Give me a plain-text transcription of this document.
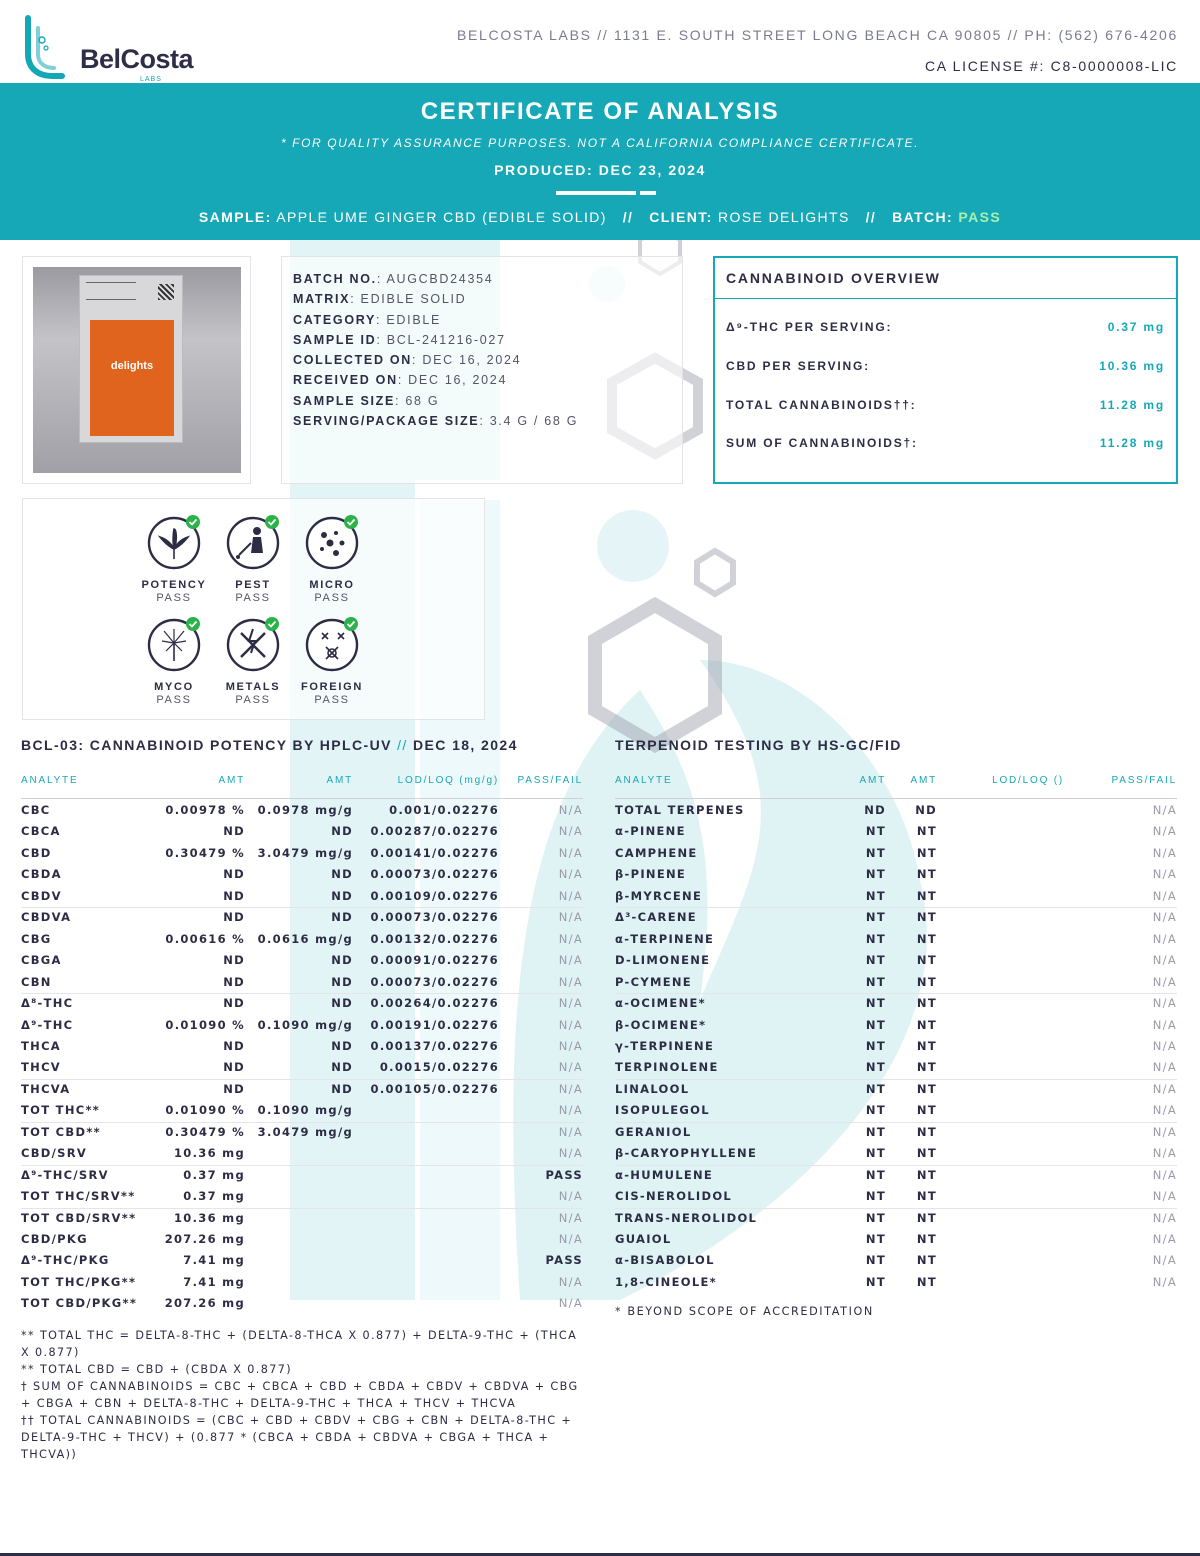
BelCosta
LABS
BELCOSTA LABS // 1131 E. SOUTH STREET LONG BEACH CA 90805 // PH: (562) 676-4206
CA LICENSE #: C8-0000008-LIC
CERTIFICATE OF ANALYSIS
* FOR QUALITY ASSURANCE PURPOSES. NOT A CALIFORNIA COMPLIANCE CERTIFICATE.
PRODUCED: DEC 23, 2024
SAMPLE: APPLE UME GINGER CBD (EDIBLE SOLID) // CLIENT: ROSE DELIGHTS // BATCH: PASS
delights
BATCH NO.: AUGCBD24354
MATRIX: EDIBLE SOLID
CATEGORY: EDIBLE
SAMPLE ID: BCL-241216-027
COLLECTED ON: DEC 16, 2024
RECEIVED ON: DEC 16, 2024
SAMPLE SIZE: 68 G
SERVING/PACKAGE SIZE: 3.4 G / 68 G
CANNABINOID OVERVIEW
Δ⁹-THC PER SERVING:	0.37 mg
CBD PER SERVING:	10.36 mg
TOTAL CANNABINOIDS††:	11.28 mg
SUM OF CANNABINOIDS†:	11.28 mg
POTENCY
PASS
PEST
PASS
MICRO
PASS
MYCO
PASS
METALS
PASS
FOREIGN
PASS
BCL-03: CANNABINOID POTENCY BY HPLC-UV // DEC 18, 2024
ANALYTE	AMT	AMT	LOD/LOQ (mg/g) PASS/FAIL
CBC	0.00978 % 0.0978 mg/g	0.001/0.02276	N/A
CBCA	ND	ND 0.00287/0.02276	N/A
CBD	0.30479 % 3.0479 mg/g 0.00141/0.02276	N/A
CBDA	ND	ND 0.00073/0.02276	N/A
CBDV	ND	ND 0.00109/0.02276	N/A
CBDVA	ND	ND 0.00073/0.02276	N/A
CBG	0.00616 % 0.0616 mg/g 0.00132/0.02276	N/A
CBGA	ND	ND 0.00091/0.02276	N/A
CBN	ND	ND 0.00073/0.02276	N/A
Δ⁸-THC	ND	ND 0.00264/0.02276	N/A
Δ⁹-THC	0.01090 % 0.1090 mg/g 0.00191/0.02276	N/A
THCA	ND	ND 0.00137/0.02276	N/A
THCV	ND	ND 0.0015/0.02276	N/A
THCVA	ND	ND 0.00105/0.02276	N/A
TOT THC**	0.01090 % 0.1090 mg/g	N/A
TOT CBD**	0.30479 % 3.0479 mg/g	N/A
CBD/SRV	10.36 mg	N/A
Δ⁹-THC/SRV	0.37 mg	PASS
TOT THC/SRV**	0.37 mg	N/A
TOT CBD/SRV**	10.36 mg	N/A
CBD/PKG	207.26 mg	N/A
Δ⁹-THC/PKG	7.41 mg	PASS
TOT THC/PKG**	7.41 mg	N/A
TOT CBD/PKG** 207.26 mg	N/A
TERPENOID TESTING BY HS-GC/FID
ANALYTE	AMT AMT	LOD/LOQ ()	PASS/FAIL
TOTAL TERPENES	ND	ND	N/A
α-PINENE	NT	NT	N/A
CAMPHENE	NT	NT	N/A
β-PINENE	NT	NT	N/A
β-MYRCENE	NT	NT	N/A
Δ³-CARENE	NT	NT	N/A
α-TERPINENE	NT	NT	N/A
D-LIMONENE	NT	NT	N/A
P-CYMENE	NT	NT	N/A
α-OCIMENE*	NT	NT	N/A
β-OCIMENE*	NT	NT	N/A
γ-TERPINENE	NT	NT	N/A
TERPINOLENE	NT	NT	N/A
LINALOOL	NT	NT	N/A
ISOPULEGOL	NT	NT	N/A
GERANIOL	NT	NT	N/A
β-CARYOPHYLLENE	NT	NT	N/A
α-HUMULENE	NT	NT	N/A
CIS-NEROLIDOL	NT	NT	N/A
TRANS-NEROLIDOL	NT	NT	N/A
GUAIOL	NT	NT	N/A
α-BISABOLOL	NT	NT	N/A
1,8-CINEOLE*	NT	NT	N/A
** TOTAL THC = DELTA-8-THC + (DELTA-8-THCA X 0.877) + DELTA-9-THC + (THCA X 0.877)
** TOTAL CBD = CBD + (CBDA X 0.877)
† SUM OF CANNABINOIDS = CBC + CBCA + CBD + CBDA + CBDV + CBDVA + CBG + CBGA + CBN + DELTA-8-THC + DELTA-9-THC + THCA + THCV + THCVA
†† TOTAL CANNABINOIDS = (CBC + CBD + CBDV + CBG + CBN + DELTA-8-THC + DELTA-9-THC + THCV) + (0.877 * (CBCA + CBDA + CBDVA + CBGA + THCA + THCVA))
* BEYOND SCOPE OF ACCREDITATION
